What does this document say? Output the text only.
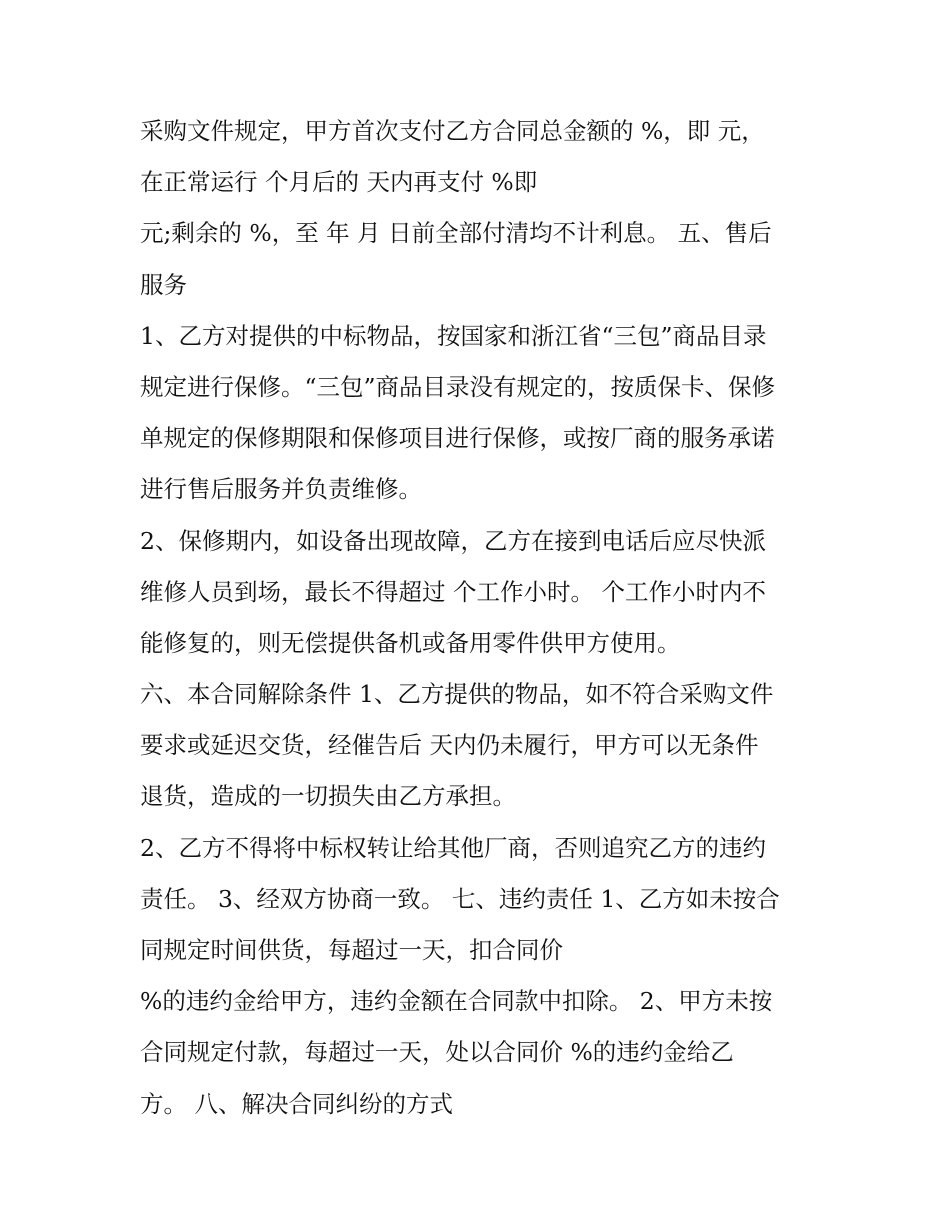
采购文件规定，甲方首次支付乙方合同总金额的 %，即 元，
在正常运行 个月后的 天内再支付 %即
元;剩余的 %，至 年 月 日前全部付清均不计利息。 五、售后
服务
1、乙方对提供的中标物品，按国家和浙江省“三包”商品目录
规定进行保修。“三包”商品目录没有规定的，按质保卡、保修
单规定的保修期限和保修项目进行保修，或按厂商的服务承诺
进行售后服务并负责维修。
2、保修期内，如设备出现故障，乙方在接到电话后应尽快派
维修人员到场，最长不得超过 个工作小时。 个工作小时内不
能修复的，则无偿提供备机或备用零件供甲方使用。
六、本合同解除条件 1、乙方提供的物品，如不符合采购文件
要求或延迟交货，经催告后 天内仍未履行，甲方可以无条件
退货，造成的一切损失由乙方承担。
2、乙方不得将中标权转让给其他厂商，否则追究乙方的违约
责任。 3、经双方协商一致。 七、违约责任 1、乙方如未按合
同规定时间供货，每超过一天，扣合同价
%的违约金给甲方，违约金额在合同款中扣除。 2、甲方未按
合同规定付款，每超过一天，处以合同价 %的违约金给乙
方。 八、解决合同纠纷的方式
